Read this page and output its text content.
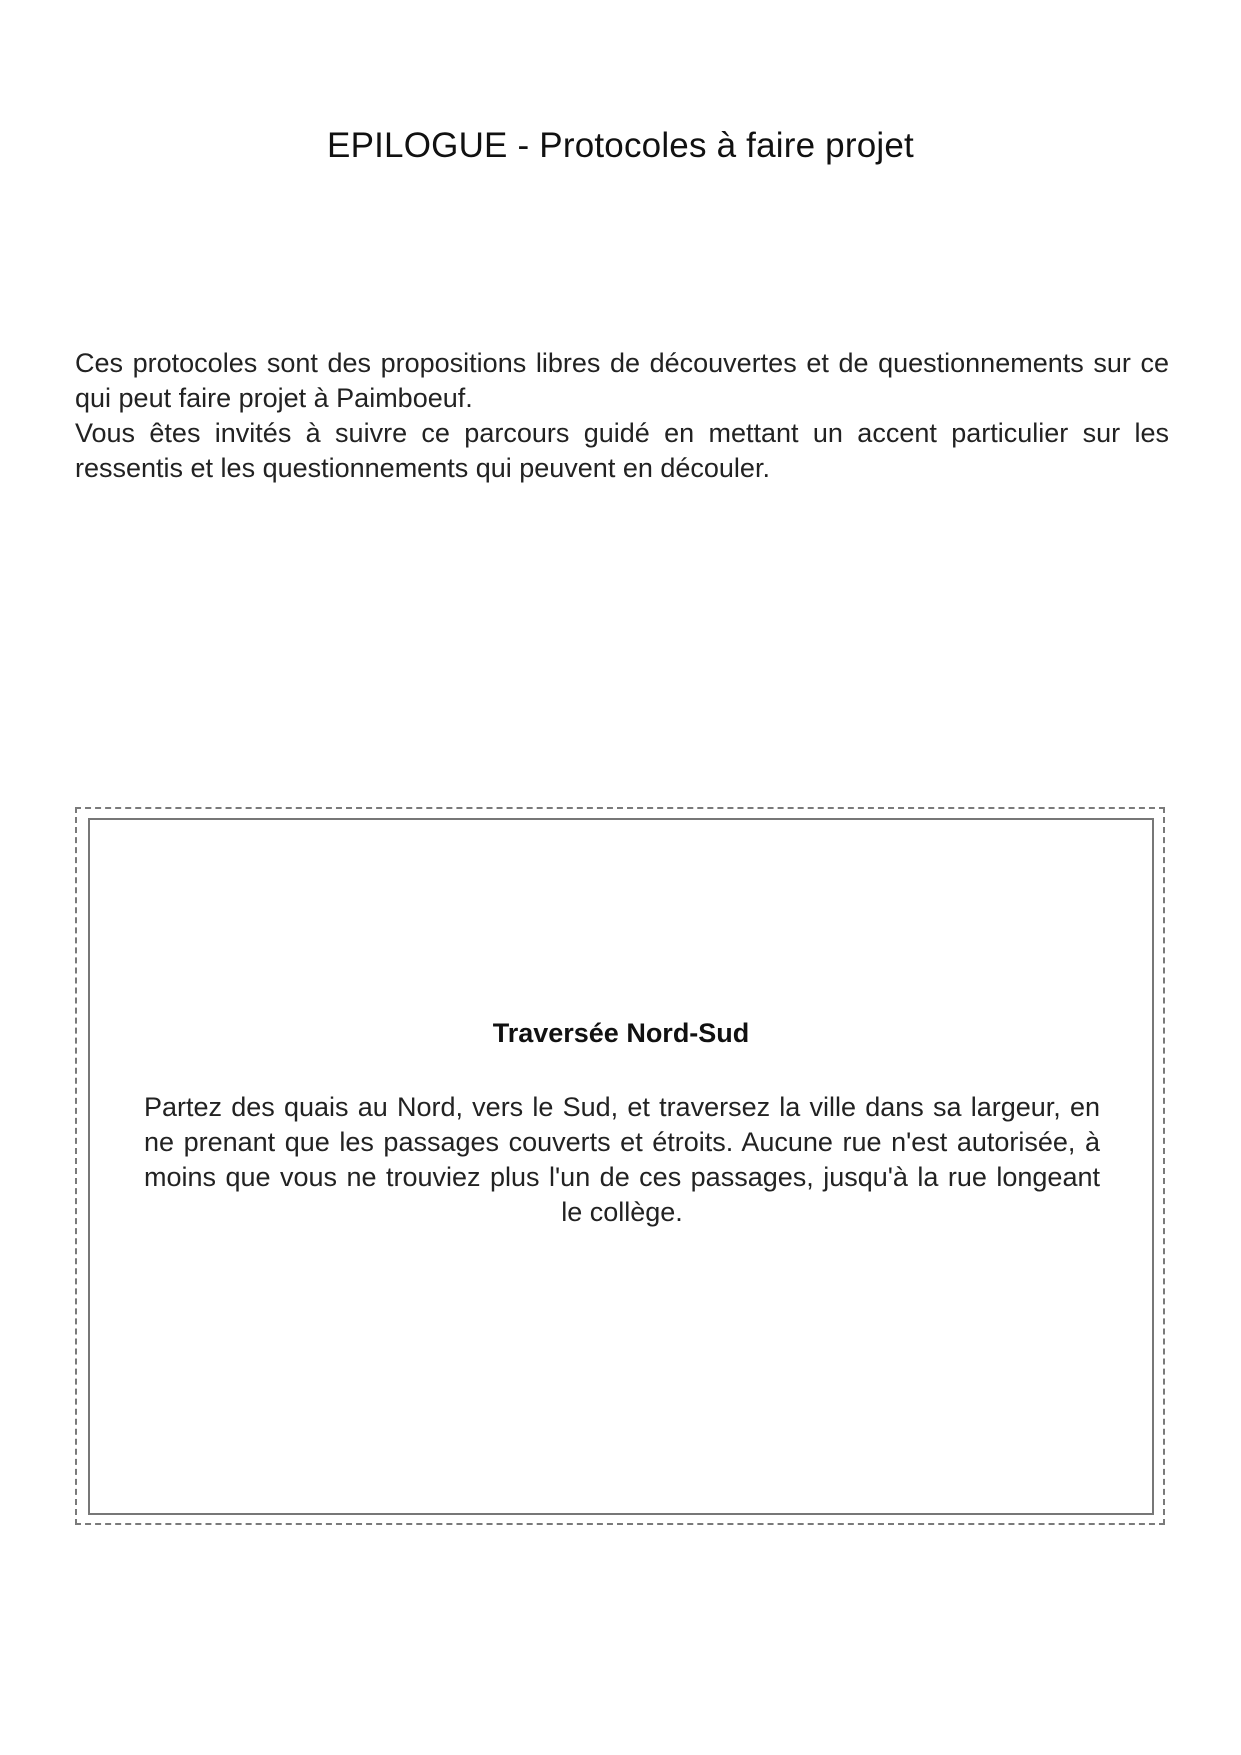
EPILOGUE - Protocoles à faire projet

Ces protocoles sont des propositions libres de découvertes et de questionnements sur ce qui peut faire projet à Paimboeuf.

Vous êtes invités à suivre ce parcours guidé en mettant un accent particulier sur les ressentis et les questionnements qui peuvent en découler.

Traversée Nord-Sud

Partez des quais au Nord, vers le Sud, et traversez la ville dans sa largeur, en ne prenant que les passages couverts et étroits. Aucune rue n'est autorisée, à moins que vous ne trouviez plus l'un de ces passages, jusqu'à la rue longeant le collège.
